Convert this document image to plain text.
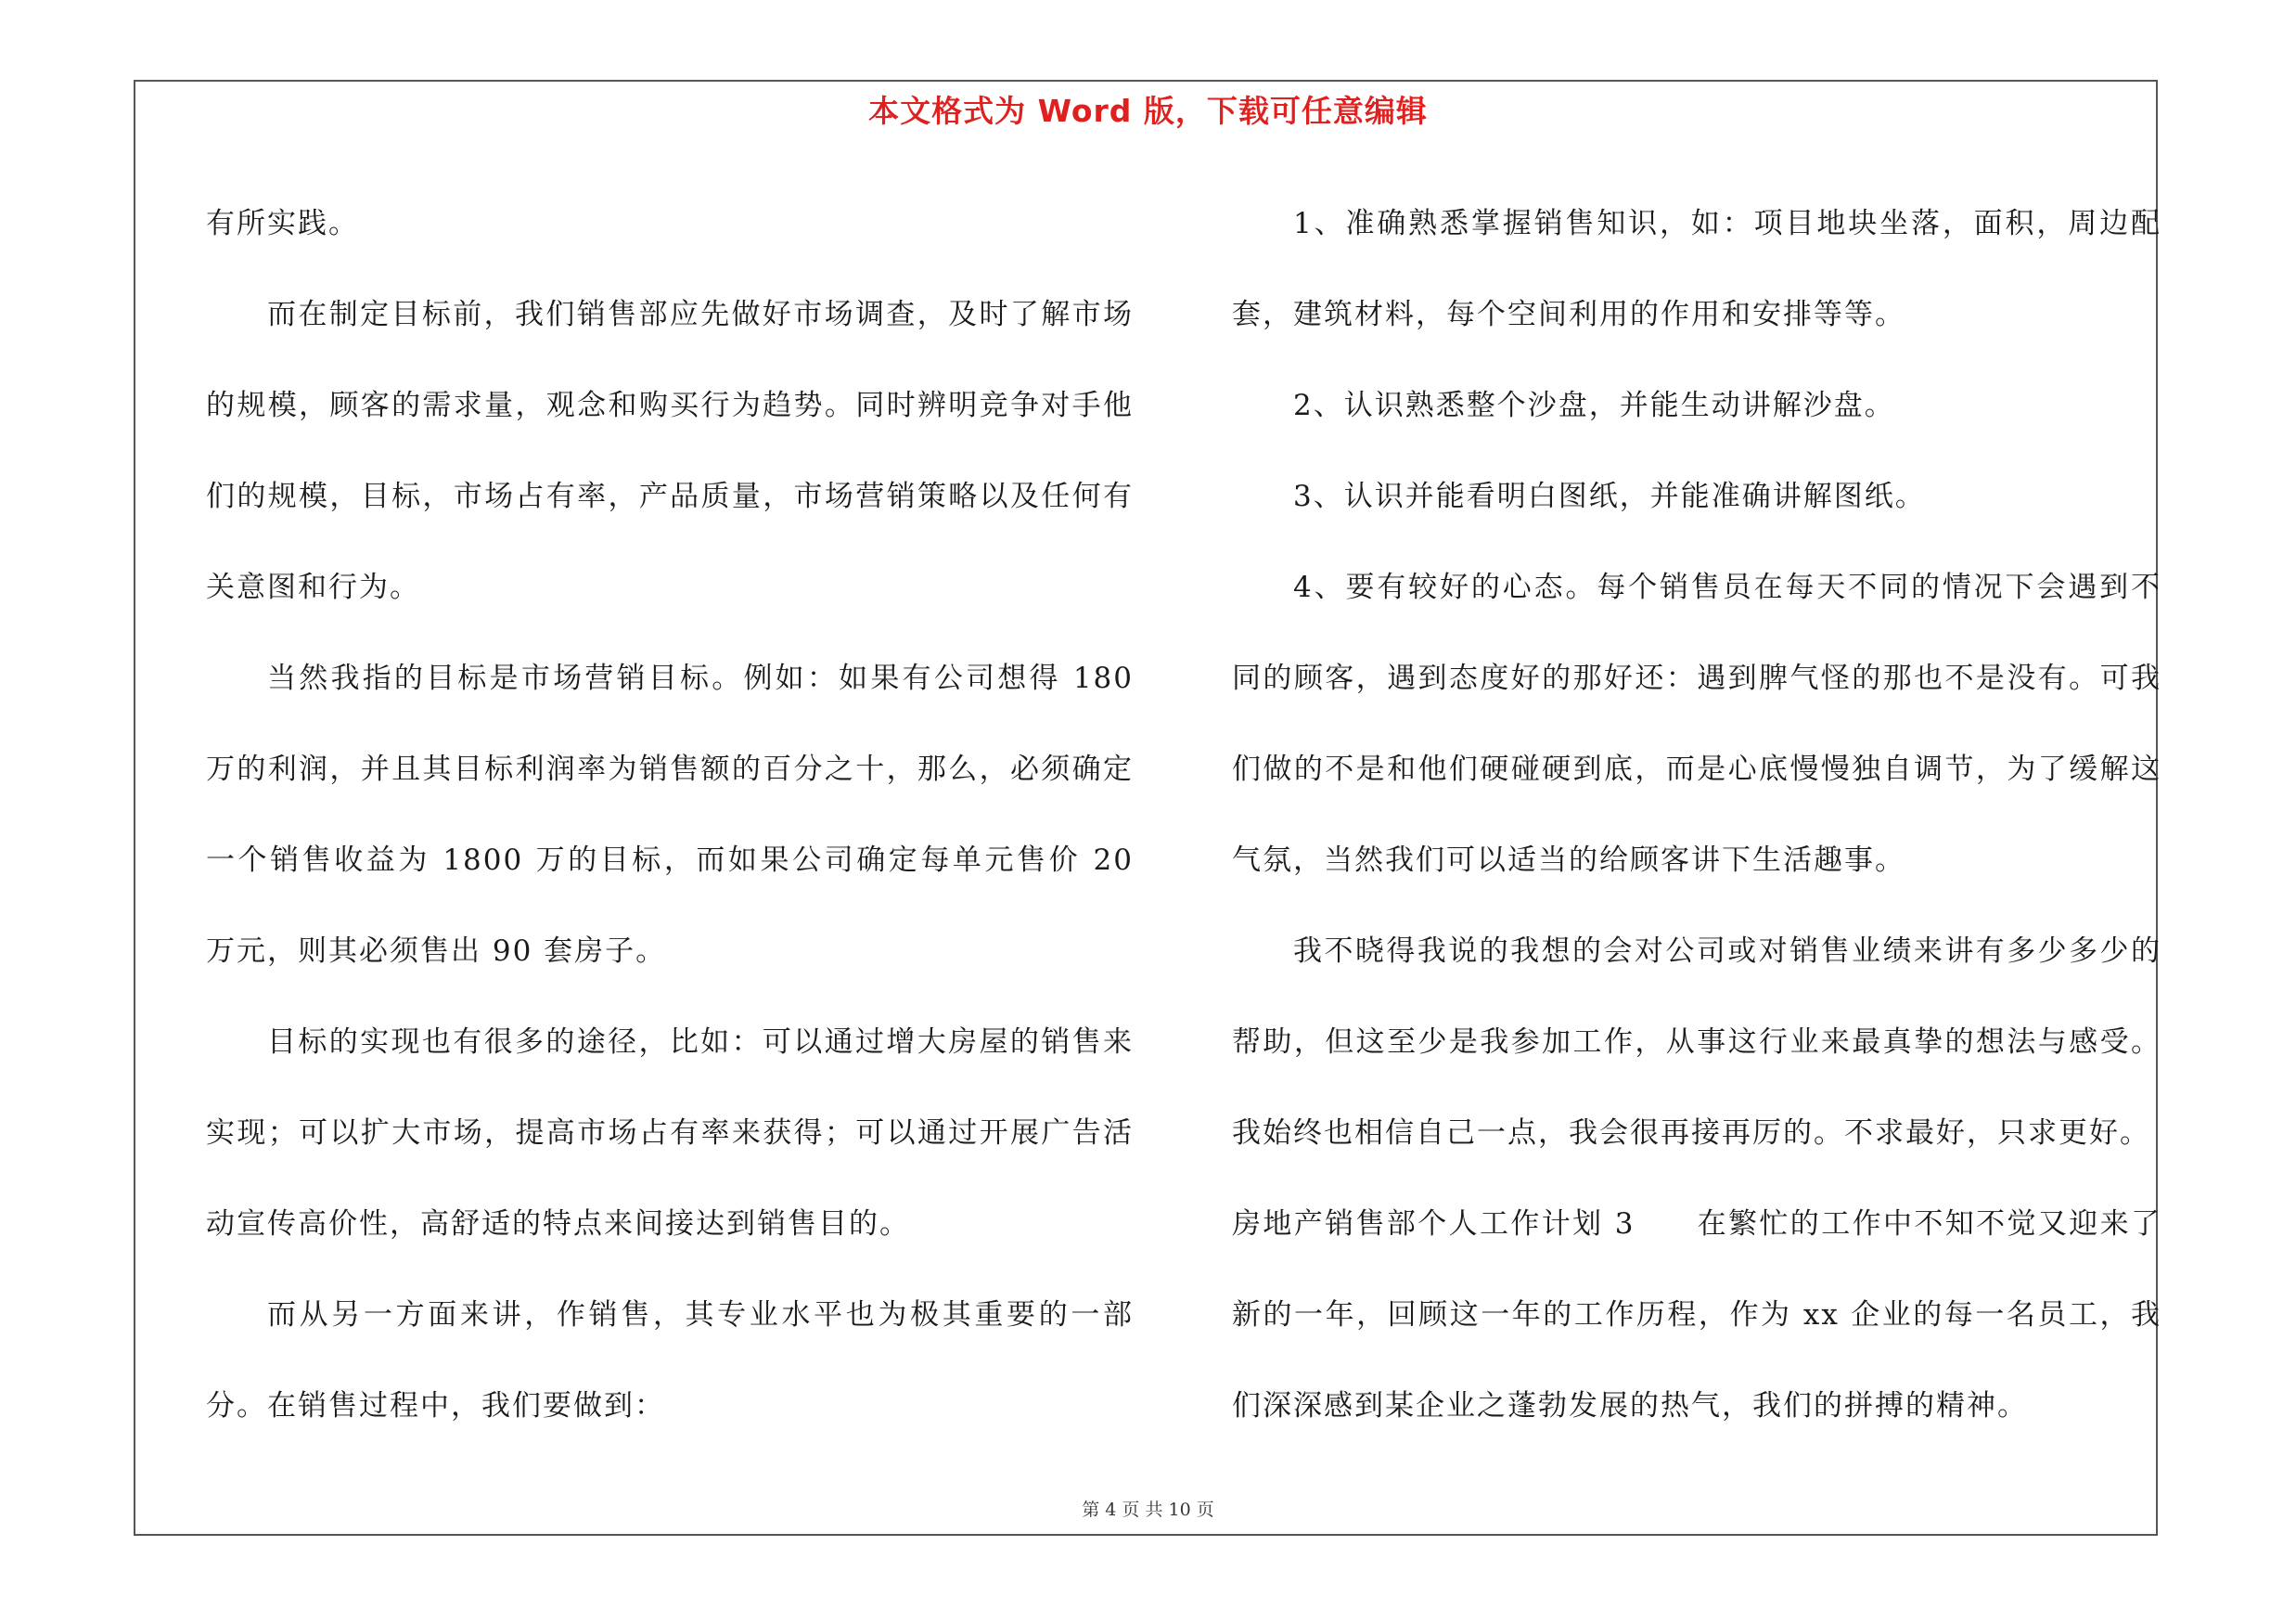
本文格式为 Word 版，下载可任意编辑

有所实践。

而在制定目标前，我们销售部应先做好市场调查，及时了解市场的规模，顾客的需求量，观念和购买行为趋势。同时辨明竞争对手他们的规模，目标，市场占有率，产品质量，市场营销策略以及任何有关意图和行为。

当然我指的目标是市场营销目标。例如：如果有公司想得 180 万的利润，并且其目标利润率为销售额的百分之十，那么，必须确定一个销售收益为 1800 万的目标，而如果公司确定每单元售价 20 万元，则其必须售出 90 套房子。

目标的实现也有很多的途径，比如：可以通过增大房屋的销售来实现；可以扩大市场，提高市场占有率来获得；可以通过开展广告活动宣传高价性，高舒适的特点来间接达到销售目的。

而从另一方面来讲，作销售，其专业水平也为极其重要的一部分。在销售过程中，我们要做到：

1、准确熟悉掌握销售知识，如：项目地块坐落，面积，周边配套，建筑材料，每个空间利用的作用和安排等等。

2、认识熟悉整个沙盘，并能生动讲解沙盘。

3、认识并能看明白图纸，并能准确讲解图纸。

4、要有较好的心态。每个销售员在每天不同的情况下会遇到不同的顾客，遇到态度好的那好还：遇到脾气怪的那也不是没有。可我们做的不是和他们硬碰硬到底，而是心底慢慢独自调节，为了缓解这气氛，当然我们可以适当的给顾客讲下生活趣事。

我不晓得我说的我想的会对公司或对销售业绩来讲有多少多少的帮助，但这至少是我参加工作，从事这行业来最真挚的想法与感受。我始终也相信自己一点，我会很再接再厉的。不求最好，只求更好。

房地产销售部个人工作计划 3　　在繁忙的工作中不知不觉又迎来了新的一年，回顾这一年的工作历程，作为 xx 企业的每一名员工，我们深深感到某企业之蓬勃发展的热气，我们的拼搏的精神。

第 4 页 共 10 页
